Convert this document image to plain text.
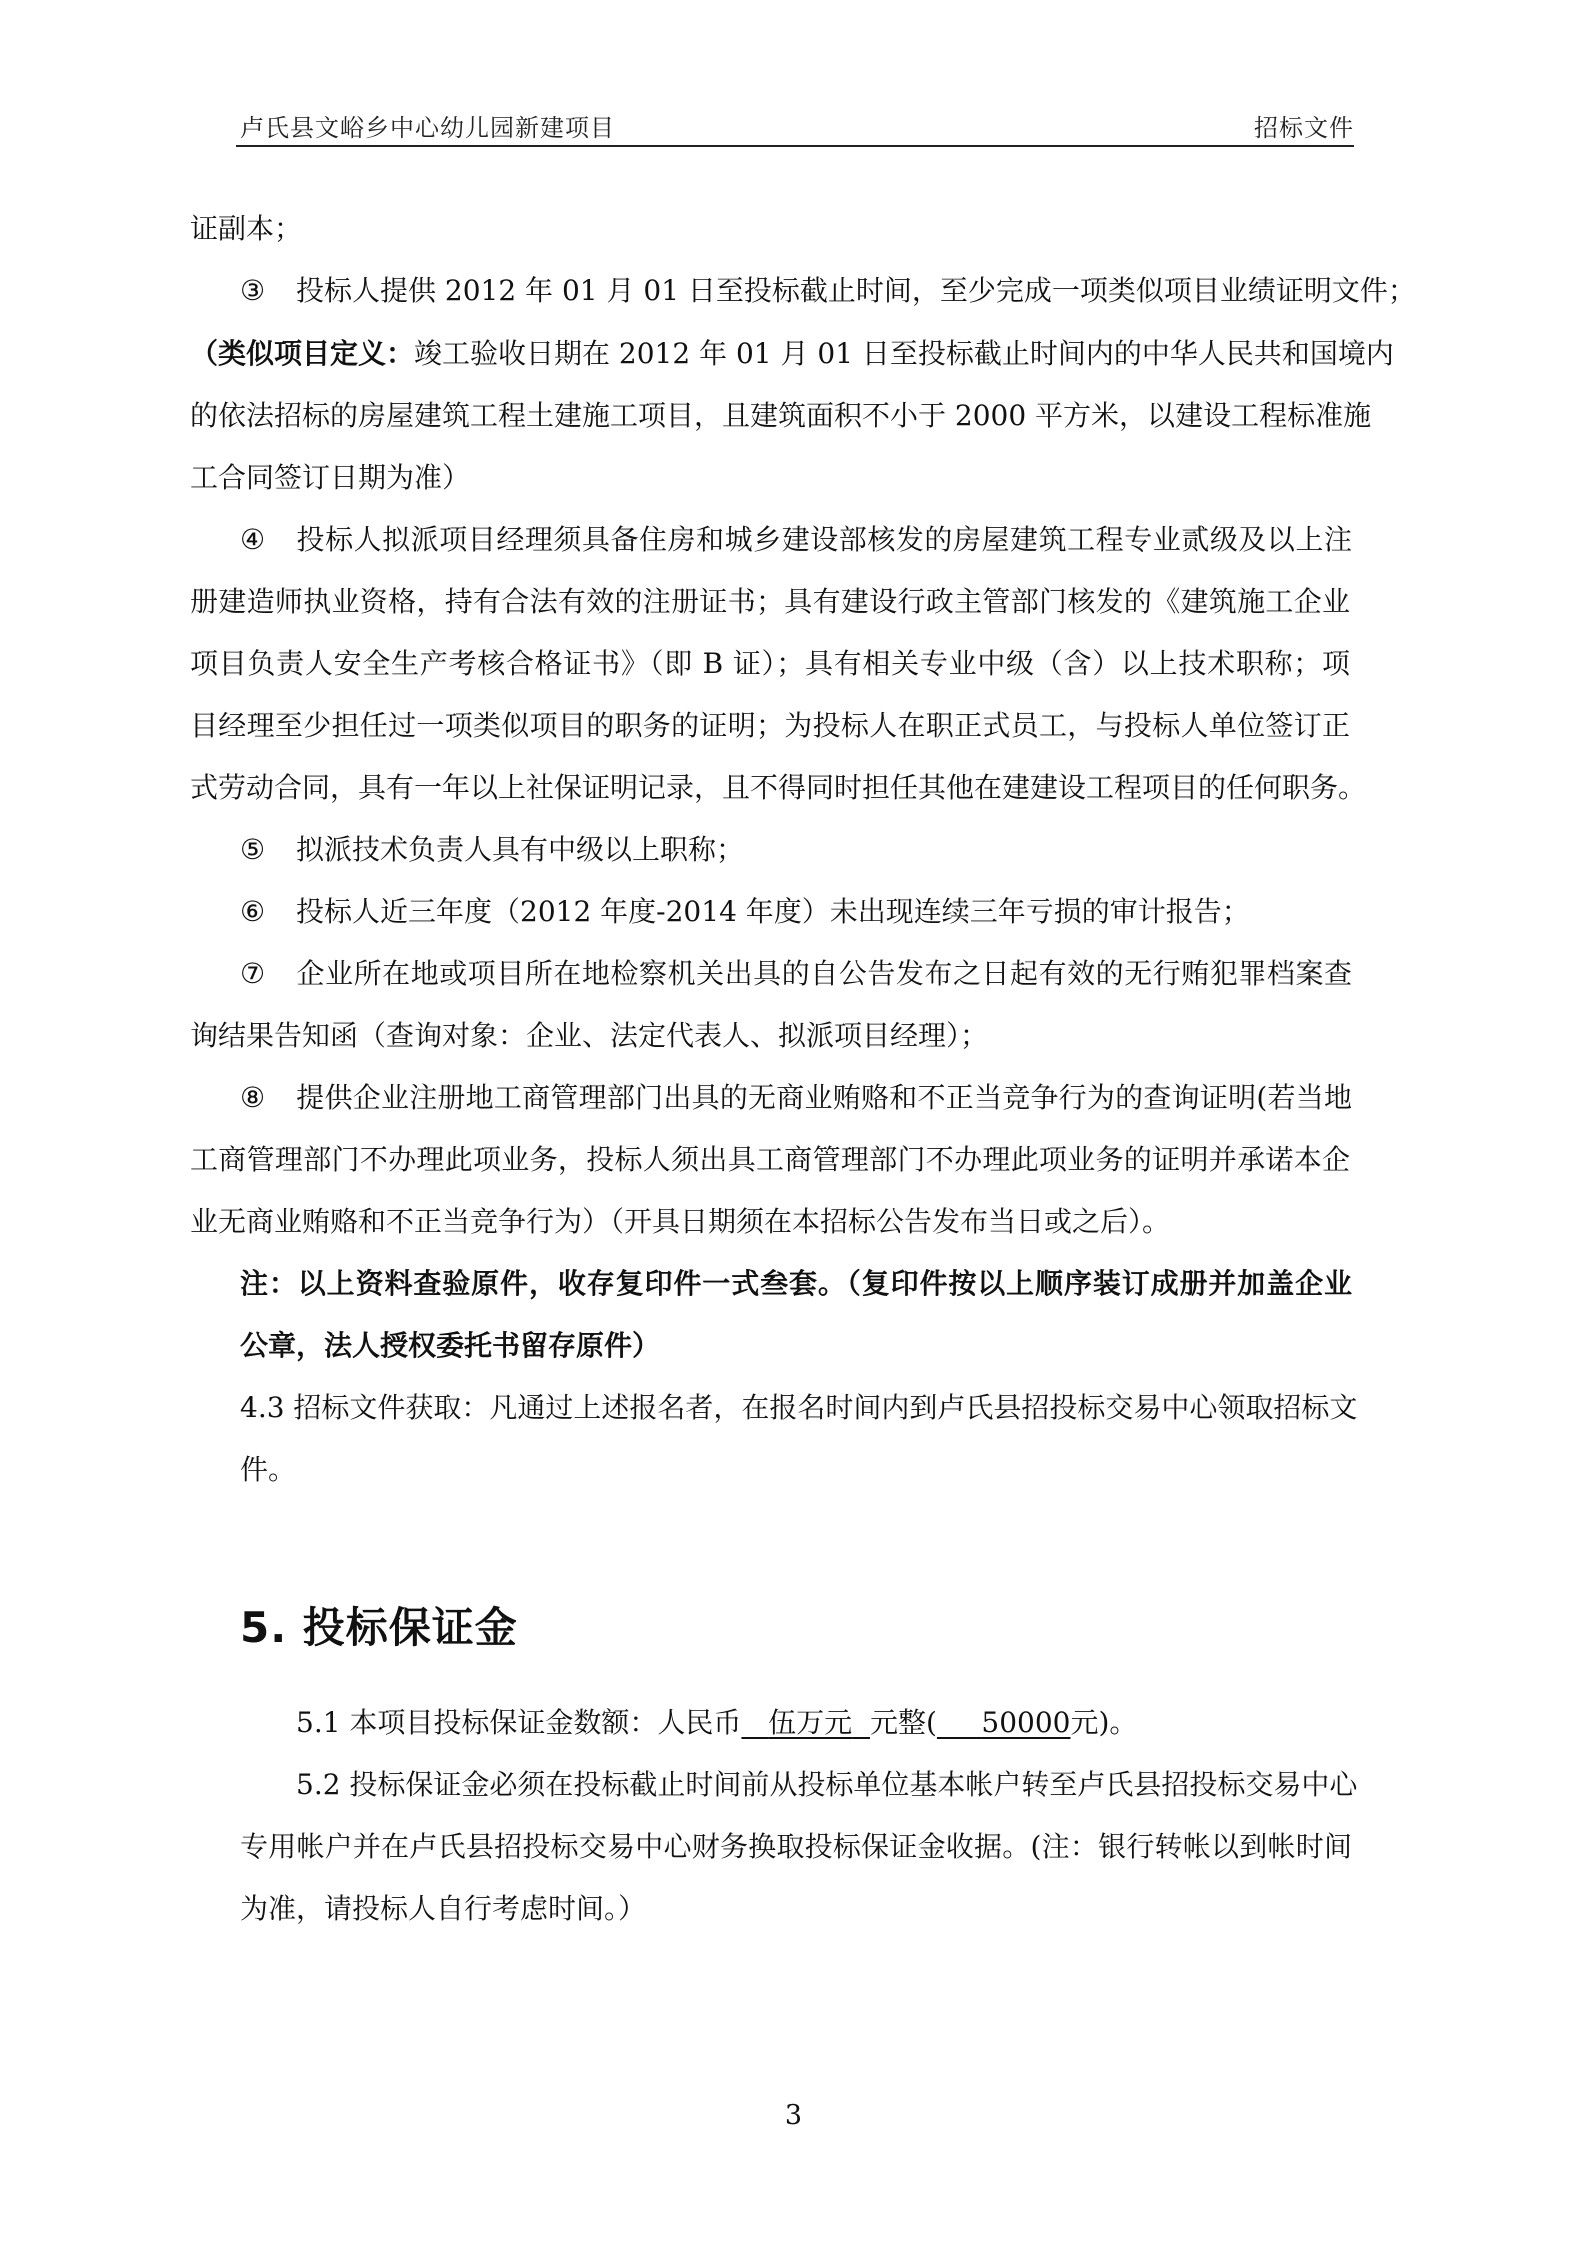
卢氏县文峪乡中心幼儿园新建项目	招标文件
证副本；
③ 投标人提供 2012 年 01 月 01 日至投标截止时间，至少完成一项类似项目业绩证明文件；
（类似项目定义：竣工验收日期在 2012 年 01 月 01 日至投标截止时间内的中华人民共和国境内
的依法招标的房屋建筑工程土建施工项目，且建筑面积不小于 2000 平方米，以建设工程标准施
工合同签订日期为准）
④ 投标人拟派项目经理须具备住房和城乡建设部核发的房屋建筑工程专业贰级及以上注
册建造师执业资格，持有合法有效的注册证书；具有建设行政主管部门核发的《建筑施工企业
项目负责人安全生产考核合格证书》（即 B 证）；具有相关专业中级（含）以上技术职称；项
目经理至少担任过一项类似项目的职务的证明；为投标人在职正式员工，与投标人单位签订正
式劳动合同，具有一年以上社保证明记录，且不得同时担任其他在建建设工程项目的任何职务。
⑤ 拟派技术负责人具有中级以上职称；
⑥ 投标人近三年度（2012 年度-2014 年度）未出现连续三年亏损的审计报告；
⑦ 企业所在地或项目所在地检察机关出具的自公告发布之日起有效的无行贿犯罪档案查
询结果告知函（查询对象：企业、法定代表人、拟派项目经理）；
⑧ 提供企业注册地工商管理部门出具的无商业贿赂和不正当竞争行为的查询证明(若当地
工商管理部门不办理此项业务，投标人须出具工商管理部门不办理此项业务的证明并承诺本企
业无商业贿赂和不正当竞争行为）（开具日期须在本招标公告发布当日或之后）。
注：以上资料查验原件，收存复印件一式叁套。（复印件按以上顺序装订成册并加盖企业
公章，法人授权委托书留存原件）
4.3 招标文件获取：凡通过上述报名者，在报名时间内到卢氏县招投标交易中心领取招标文
件。
5. 投标保证金
5.1 本项目投标保证金数额：人民币 伍万元 元整( 50000元)。
5.2 投标保证金必须在投标截止时间前从投标单位基本帐户转至卢氏县招投标交易中心
专用帐户并在卢氏县招投标交易中心财务换取投标保证金收据。(注：银行转帐以到帐时间
为准，请投标人自行考虑时间。）
3
